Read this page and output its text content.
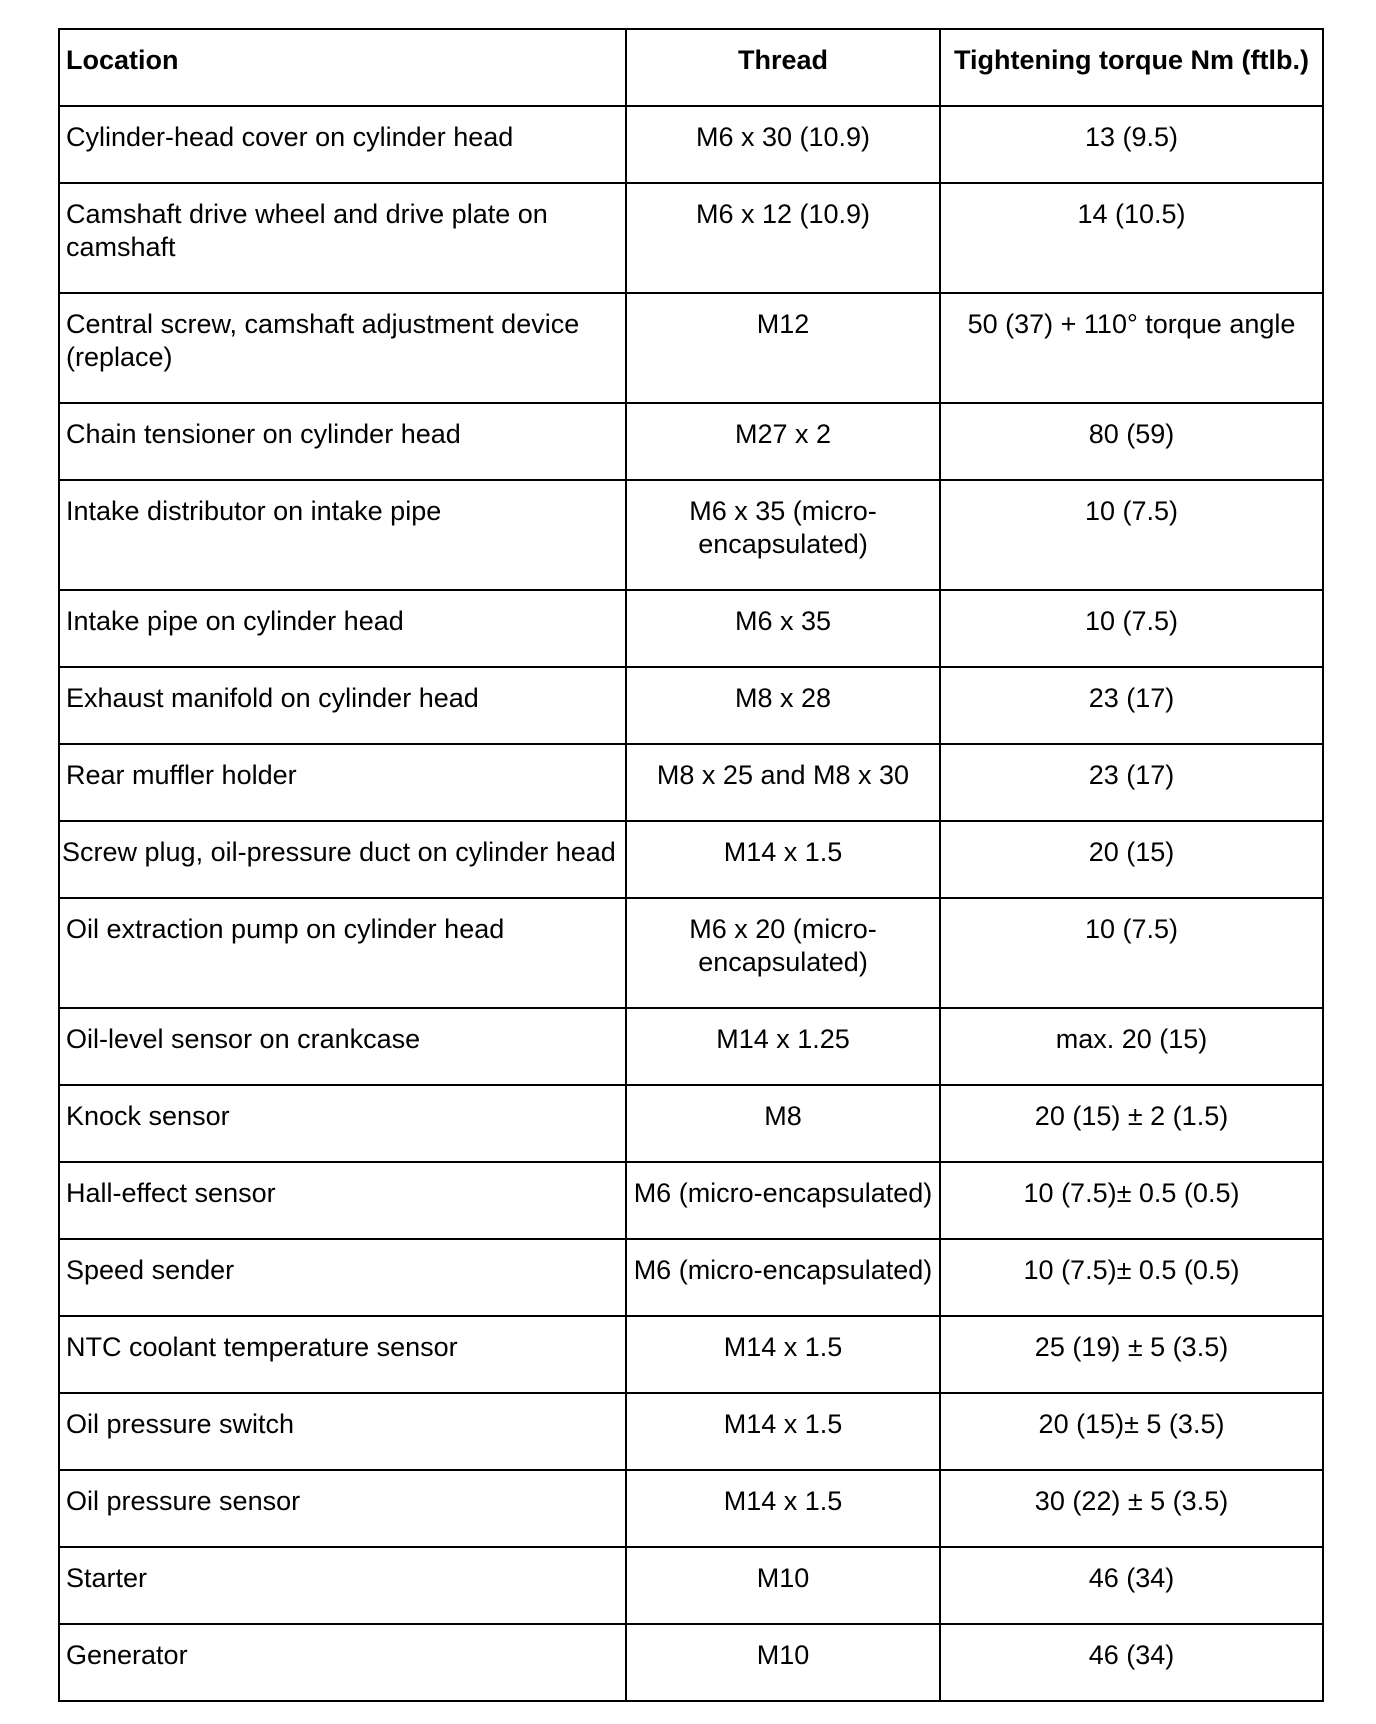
Location	Thread	Tightening torque Nm (ftlb.)
Cylinder-head cover on cylinder head	M6 x 30 (10.9)	13 (9.5)
Camshaft drive wheel and drive plate on camshaft	M6 x 12 (10.9)	14 (10.5)
Central screw, camshaft adjustment device (replace)	M12	50 (37) + 110° torque angle
Chain tensioner on cylinder head	M27 x 2	80 (59)
Intake distributor on intake pipe	M6 x 35 (micro-encapsulated)	10 (7.5)
Intake pipe on cylinder head	M6 x 35	10 (7.5)
Exhaust manifold on cylinder head	M8 x 28	23 (17)
Rear muffler holder	M8 x 25 and M8 x 30	23 (17)
Screw plug, oil-pressure duct on cylinder head	M14 x 1.5	20 (15)
Oil extraction pump on cylinder head	M6 x 20 (micro-encapsulated)	10 (7.5)
Oil-level sensor on crankcase	M14 x 1.25	max. 20 (15)
Knock sensor	M8	20 (15) ± 2 (1.5)
Hall-effect sensor	M6 (micro-encapsulated)	10 (7.5)± 0.5 (0.5)
Speed sender	M6 (micro-encapsulated)	10 (7.5)± 0.5 (0.5)
NTC coolant temperature sensor	M14 x 1.5	25 (19) ± 5 (3.5)
Oil pressure switch	M14 x 1.5	20 (15)± 5 (3.5)
Oil pressure sensor	M14 x 1.5	30 (22) ± 5 (3.5)
Starter	M10	46 (34)
Generator	M10	46 (34)
